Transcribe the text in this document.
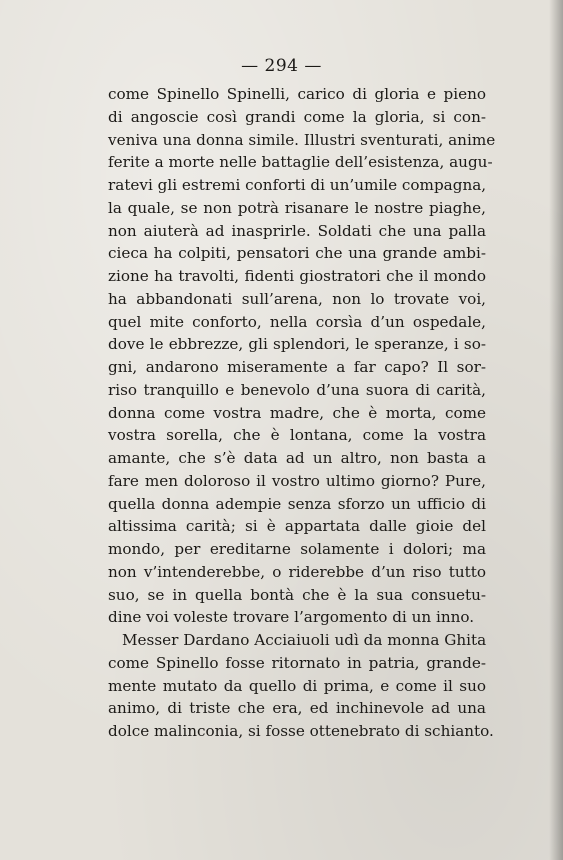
— 294 —
come Spinello Spinelli, carico di gloria e pieno
di angoscie così grandi come la gloria, si con-
veniva una donna simile. Illustri sventurati, anime
ferite a morte nelle battaglie dell’esistenza, augu-
ratevi gli estremi conforti di un’umile compagna,
la quale, se non potrà risanare le nostre piaghe,
non aiuterà ad inasprirle. Soldati che una palla
cieca ha colpiti, pensatori che una grande ambi-
zione ha travolti, fidenti giostratori che il mondo
ha abbandonati sull’arena, non lo trovate voi,
quel mite conforto, nella corsìa d’un ospedale,
dove le ebbrezze, gli splendori, le speranze, i so-
gni, andarono miseramente a far capo? Il sor-
riso tranquillo e benevolo d’una suora di carità,
donna come vostra madre, che è morta, come
vostra sorella, che è lontana, come la vostra
amante, che s’è data ad un altro, non basta a
fare men doloroso il vostro ultimo giorno? Pure,
quella donna adempie senza sforzo un ufficio di
altissima carità; si è appartata dalle gioie del
mondo, per ereditarne solamente i dolori; ma
non v’intenderebbe, o riderebbe d’un riso tutto
suo, se in quella bontà che è la sua consuetu-
dine voi voleste trovare l’argomento di un inno.
Messer Dardano Acciaiuoli udì da monna Ghita
come Spinello fosse ritornato in patria, grande-
mente mutato da quello di prima, e come il suo
animo, di triste che era, ed inchinevole ad una
dolce malinconia, si fosse ottenebrato di schianto.
